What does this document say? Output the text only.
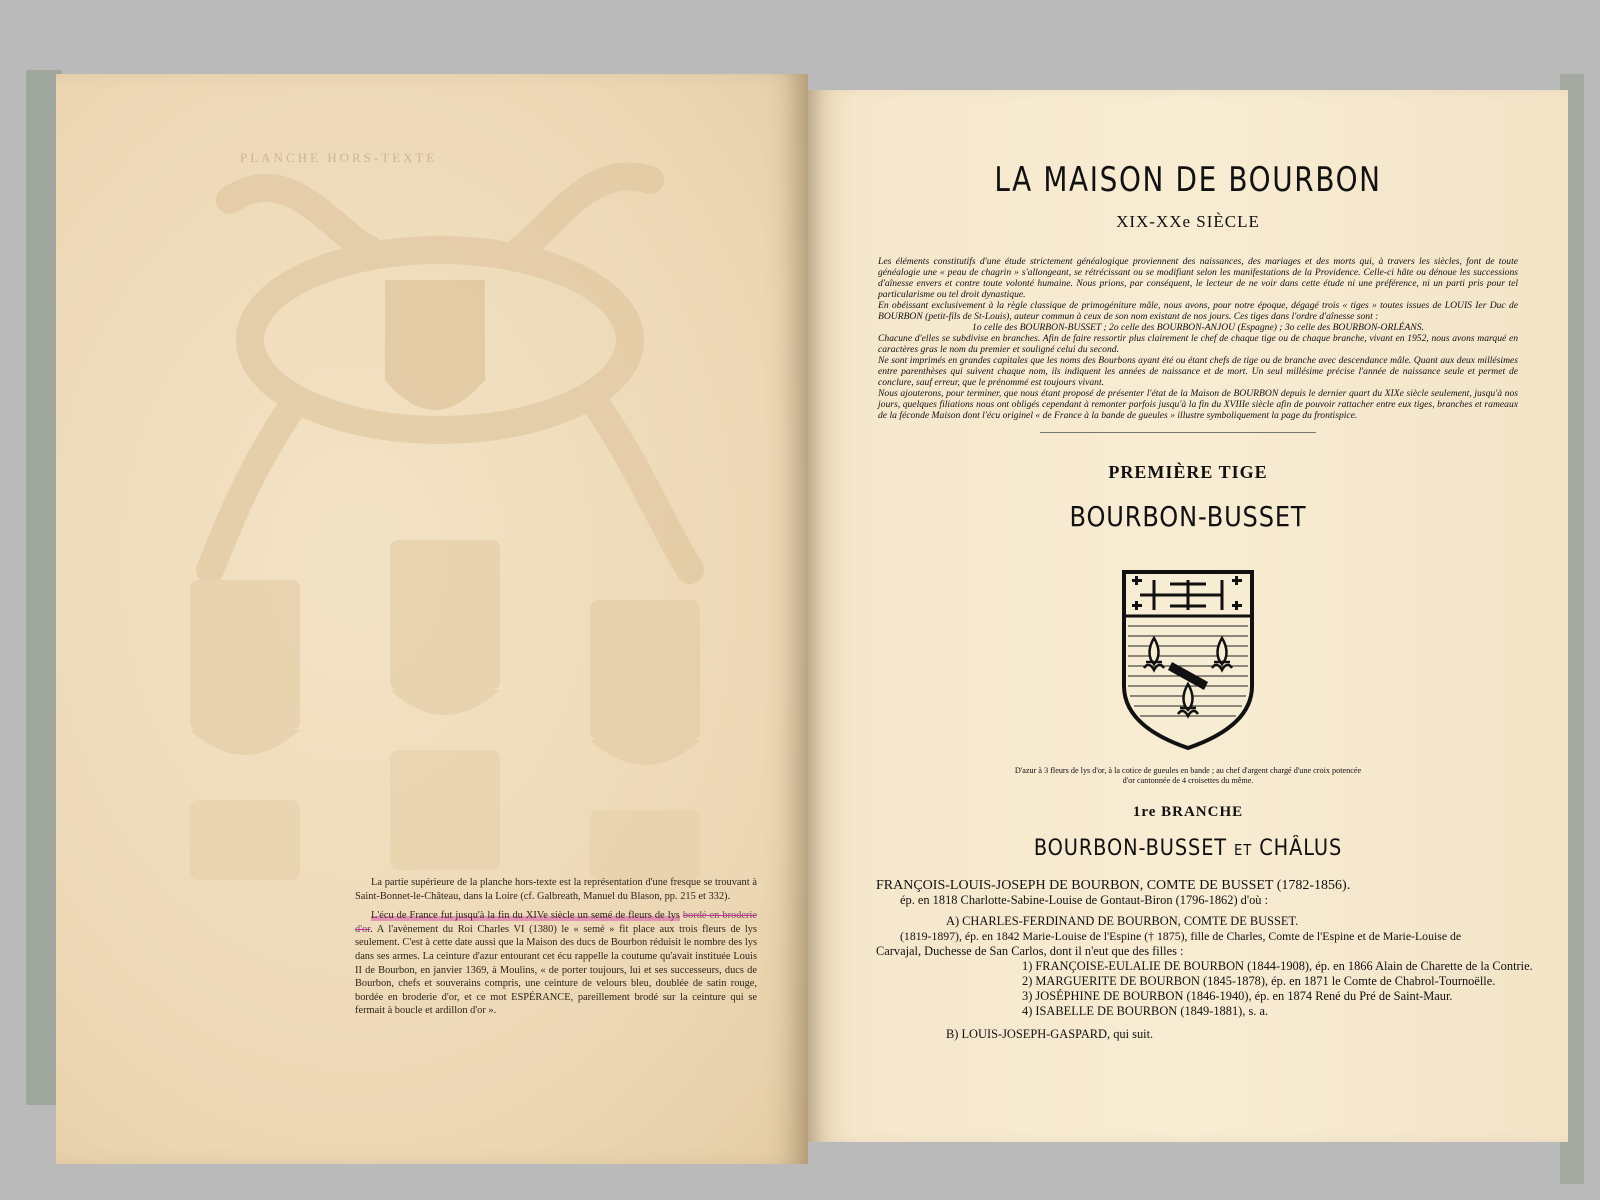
PLANCHE HORS-TEXTE

La partie supérieure de la planche hors-texte est la représentation d'une fresque se trouvant à Saint-Bonnet-le-Château, dans la Loire (cf. Galbreath, Manuel du Blason, pp. 215 et 332).

L'écu de France fut jusqu'à la fin du XIVe siècle un semé de fleurs de lys bordé en broderie d'or. A l'avènement du Roi Charles VI (1380) le « semé » fit place aux trois fleurs de lys seulement. C'est à cette date aussi que la Maison des ducs de Bourbon réduisit le nombre des lys dans ses armes. La ceinture d'azur entourant cet écu rappelle la coutume qu'avait instituée Louis II de Bourbon, en janvier 1369, à Moulins, « de porter toujours, lui et ses successeurs, ducs de Bourbon, chefs et souverains compris, une ceinture de velours bleu, doublée de satin rouge, bordée en broderie d'or, et ce mot ESPÉRANCE, pareillement brodé sur la ceinture qui se fermait à boucle et ardillon d'or ».

LA MAISON DE BOURBON
XIX-XXe SIÈCLE

Les éléments constitutifs d'une étude strictement généalogique proviennent des naissances, des mariages et des morts qui, à travers les siècles, font de toute généalogie une « peau de chagrin » s'allongeant, se rétrécissant ou se modifiant selon les manifestations de la Providence. Celle-ci hâte ou dénoue les successions d'aînesse envers et contre toute volonté humaine. Nous prions, par conséquent, le lecteur de ne voir dans cette étude ni une préférence, ni un parti pris pour tel particularisme ou tel droit dynastique.

En obéissant exclusivement à la règle classique de primogéniture mâle, nous avons, pour notre époque, dégagé trois « tiges » toutes issues de LOUIS Ier Duc de BOURBON (petit-fils de St-Louis), auteur commun à ceux de son nom existant de nos jours. Ces tiges dans l'ordre d'aînesse sont :

1o celle des BOURBON-BUSSET ; 2o celle des BOURBON-ANJOU (Espagne) ; 3o celle des BOURBON-ORLÉANS.

Chacune d'elles se subdivise en branches. Afin de faire ressortir plus clairement le chef de chaque tige ou de chaque branche, vivant en 1952, nous avons marqué en caractères gras le nom du premier et souligné celui du second.

Ne sont imprimés en grandes capitales que les noms des Bourbons ayant été ou étant chefs de tige ou de branche avec descendance mâle. Quant aux deux millésimes entre parenthèses qui suivent chaque nom, ils indiquent les années de naissance et de mort. Un seul millésime précise l'année de naissance seule et permet de conclure, sauf erreur, que le prénommé est toujours vivant.

Nous ajouterons, pour terminer, que nous étant proposé de présenter l'état de la Maison de BOURBON depuis le dernier quart du XIXe siècle seulement, jusqu'à nos jours, quelques filiations nous ont obligés cependant à remonter parfois jusqu'à la fin du XVIIIe siècle afin de pouvoir rattacher entre eux tiges, branches et rameaux de la féconde Maison dont l'écu originel « de France à la bande de gueules » illustre symboliquement la page du frontispice.

PREMIÈRE TIGE
BOURBON-BUSSET
D'azur à 3 fleurs de lys d'or, à la cotice de gueules en bande ; au chef d'argent chargé d'une croix potencée d'or cantonnée de 4 croisettes du même.
1re BRANCHE
BOURBON-BUSSET ET CHÂLUS
FRANÇOIS-LOUIS-JOSEPH DE BOURBON, COMTE DE BUSSET (1782-1856).
ép. en 1818 Charlotte-Sabine-Louise de Gontaut-Biron (1796-1862) d'où :
A) CHARLES-FERDINAND DE BOURBON, COMTE DE BUSSET.
(1819-1897), ép. en 1842 Marie-Louise de l'Espine († 1875), fille de Charles, Comte de l'Espine et de Marie-Louise de
Carvajal, Duchesse de San Carlos, dont il n'eut que des filles :
1) FRANÇOISE-EULALIE DE BOURBON (1844-1908), ép. en 1866 Alain de Charette de la Contrie.
2) MARGUERITE DE BOURBON (1845-1878), ép. en 1871 le Comte de Chabrol-Tournoëlle.
3) JOSÉPHINE DE BOURBON (1846-1940), ép. en 1874 René du Pré de Saint-Maur.
4) ISABELLE DE BOURBON (1849-1881), s. a.
B) LOUIS-JOSEPH-GASPARD, qui suit.
